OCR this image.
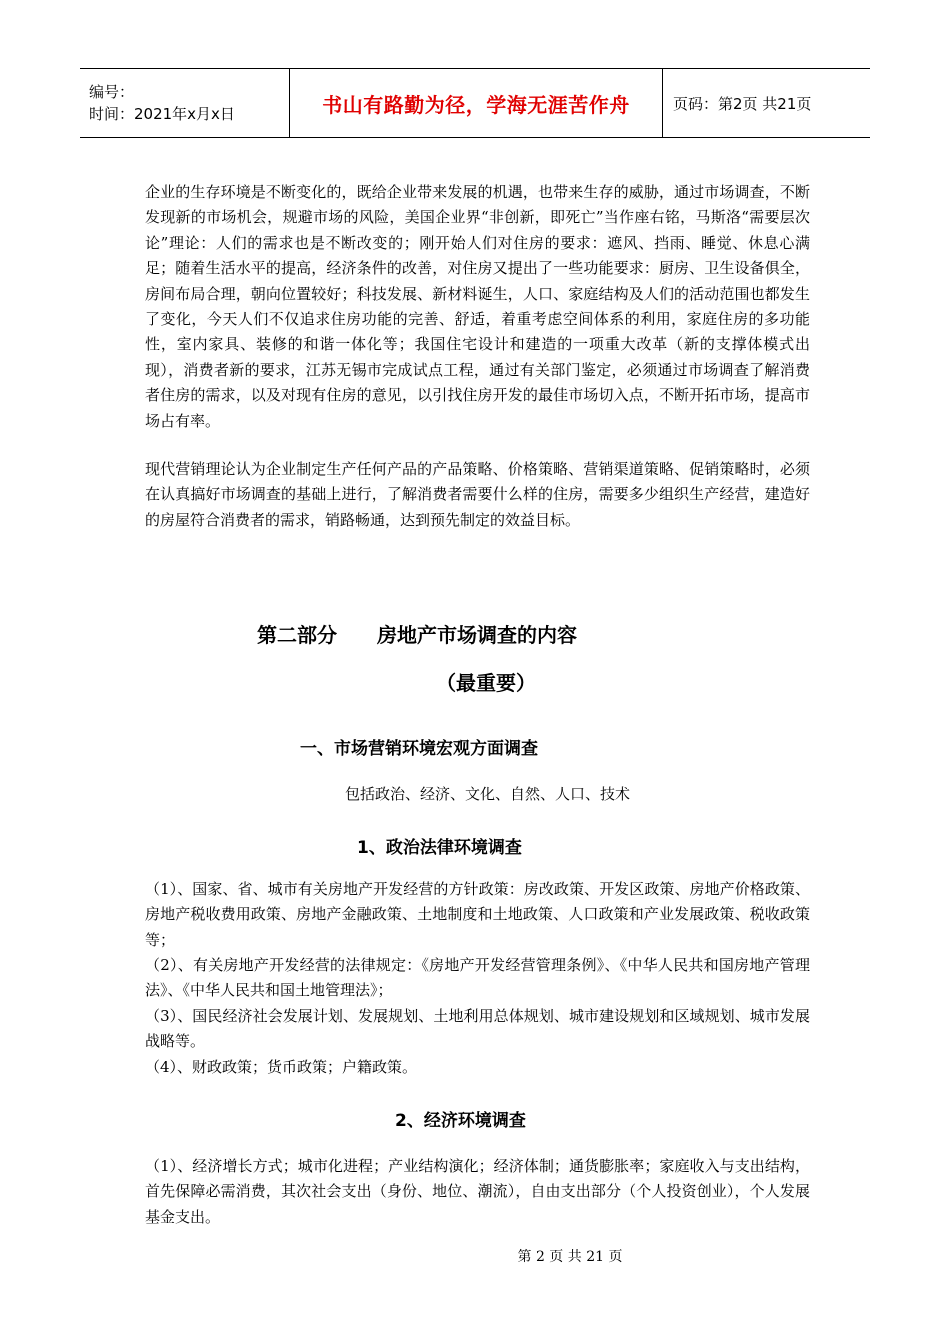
编号：
时间：2021年x月x日	书山有路勤为径，学海无涯苦作舟	页码：第2页 共21页

企业的生存环境是不断变化的，既给企业带来发展的机遇，也带来生存的威胁，通过市场调查，不断发现新的市场机会，规避市场的风险，美国企业界“非创新，即死亡”当作座右铭，马斯洛“需要层次论”理论：人们的需求也是不断改变的；刚开始人们对住房的要求：遮风、挡雨、睡觉、休息心满足；随着生活水平的提高，经济条件的改善，对住房又提出了一些功能要求：厨房、卫生设备俱全，房间布局合理，朝向位置较好；科技发展、新材料诞生，人口、家庭结构及人们的活动范围也都发生了变化，今天人们不仅追求住房功能的完善、舒适，着重考虑空间体系的利用，家庭住房的多功能性，室内家具、装修的和谐一体化等；我国住宅设计和建造的一项重大改革（新的支撑体模式出现），消费者新的要求，江苏无锡市完成试点工程，通过有关部门鉴定，必须通过市场调查了解消费者住房的需求，以及对现有住房的意见，以引找住房开发的最佳市场切入点，不断开拓市场，提高市场占有率。

现代营销理论认为企业制定生产任何产品的产品策略、价格策略、营销渠道策略、促销策略时，必须在认真搞好市场调查的基础上进行，了解消费者需要什么样的住房，需要多少组织生产经营，建造好的房屋符合消费者的需求，销路畅通，达到预先制定的效益目标。

第二部分　　房地产市场调查的内容
（最重要）
一、市场营销环境宏观方面调查
包括政治、经济、文化、自然、人口、技术
1、政治法律环境调查

（1）、国家、省、城市有关房地产开发经营的方针政策：房改政策、开发区政策、房地产价格政策、房地产税收费用政策、房地产金融政策、土地制度和土地政策、人口政策和产业发展政策、税收政策等；

（2）、有关房地产开发经营的法律规定：《房地产开发经营管理条例》、《中华人民共和国房地产管理法》、《中华人民共和国土地管理法》；

（3）、国民经济社会发展计划、发展规划、土地利用总体规划、城市建设规划和区域规划、城市发展战略等。

（4）、财政政策；货币政策；户籍政策。

2、经济环境调查

（1）、经济增长方式；城市化进程；产业结构演化；经济体制；通货膨胀率；家庭收入与支出结构，首先保障必需消费，其次社会支出（身份、地位、潮流），自由支出部分（个人投资创业），个人发展基金支出。

第 2 页 共 21 页
